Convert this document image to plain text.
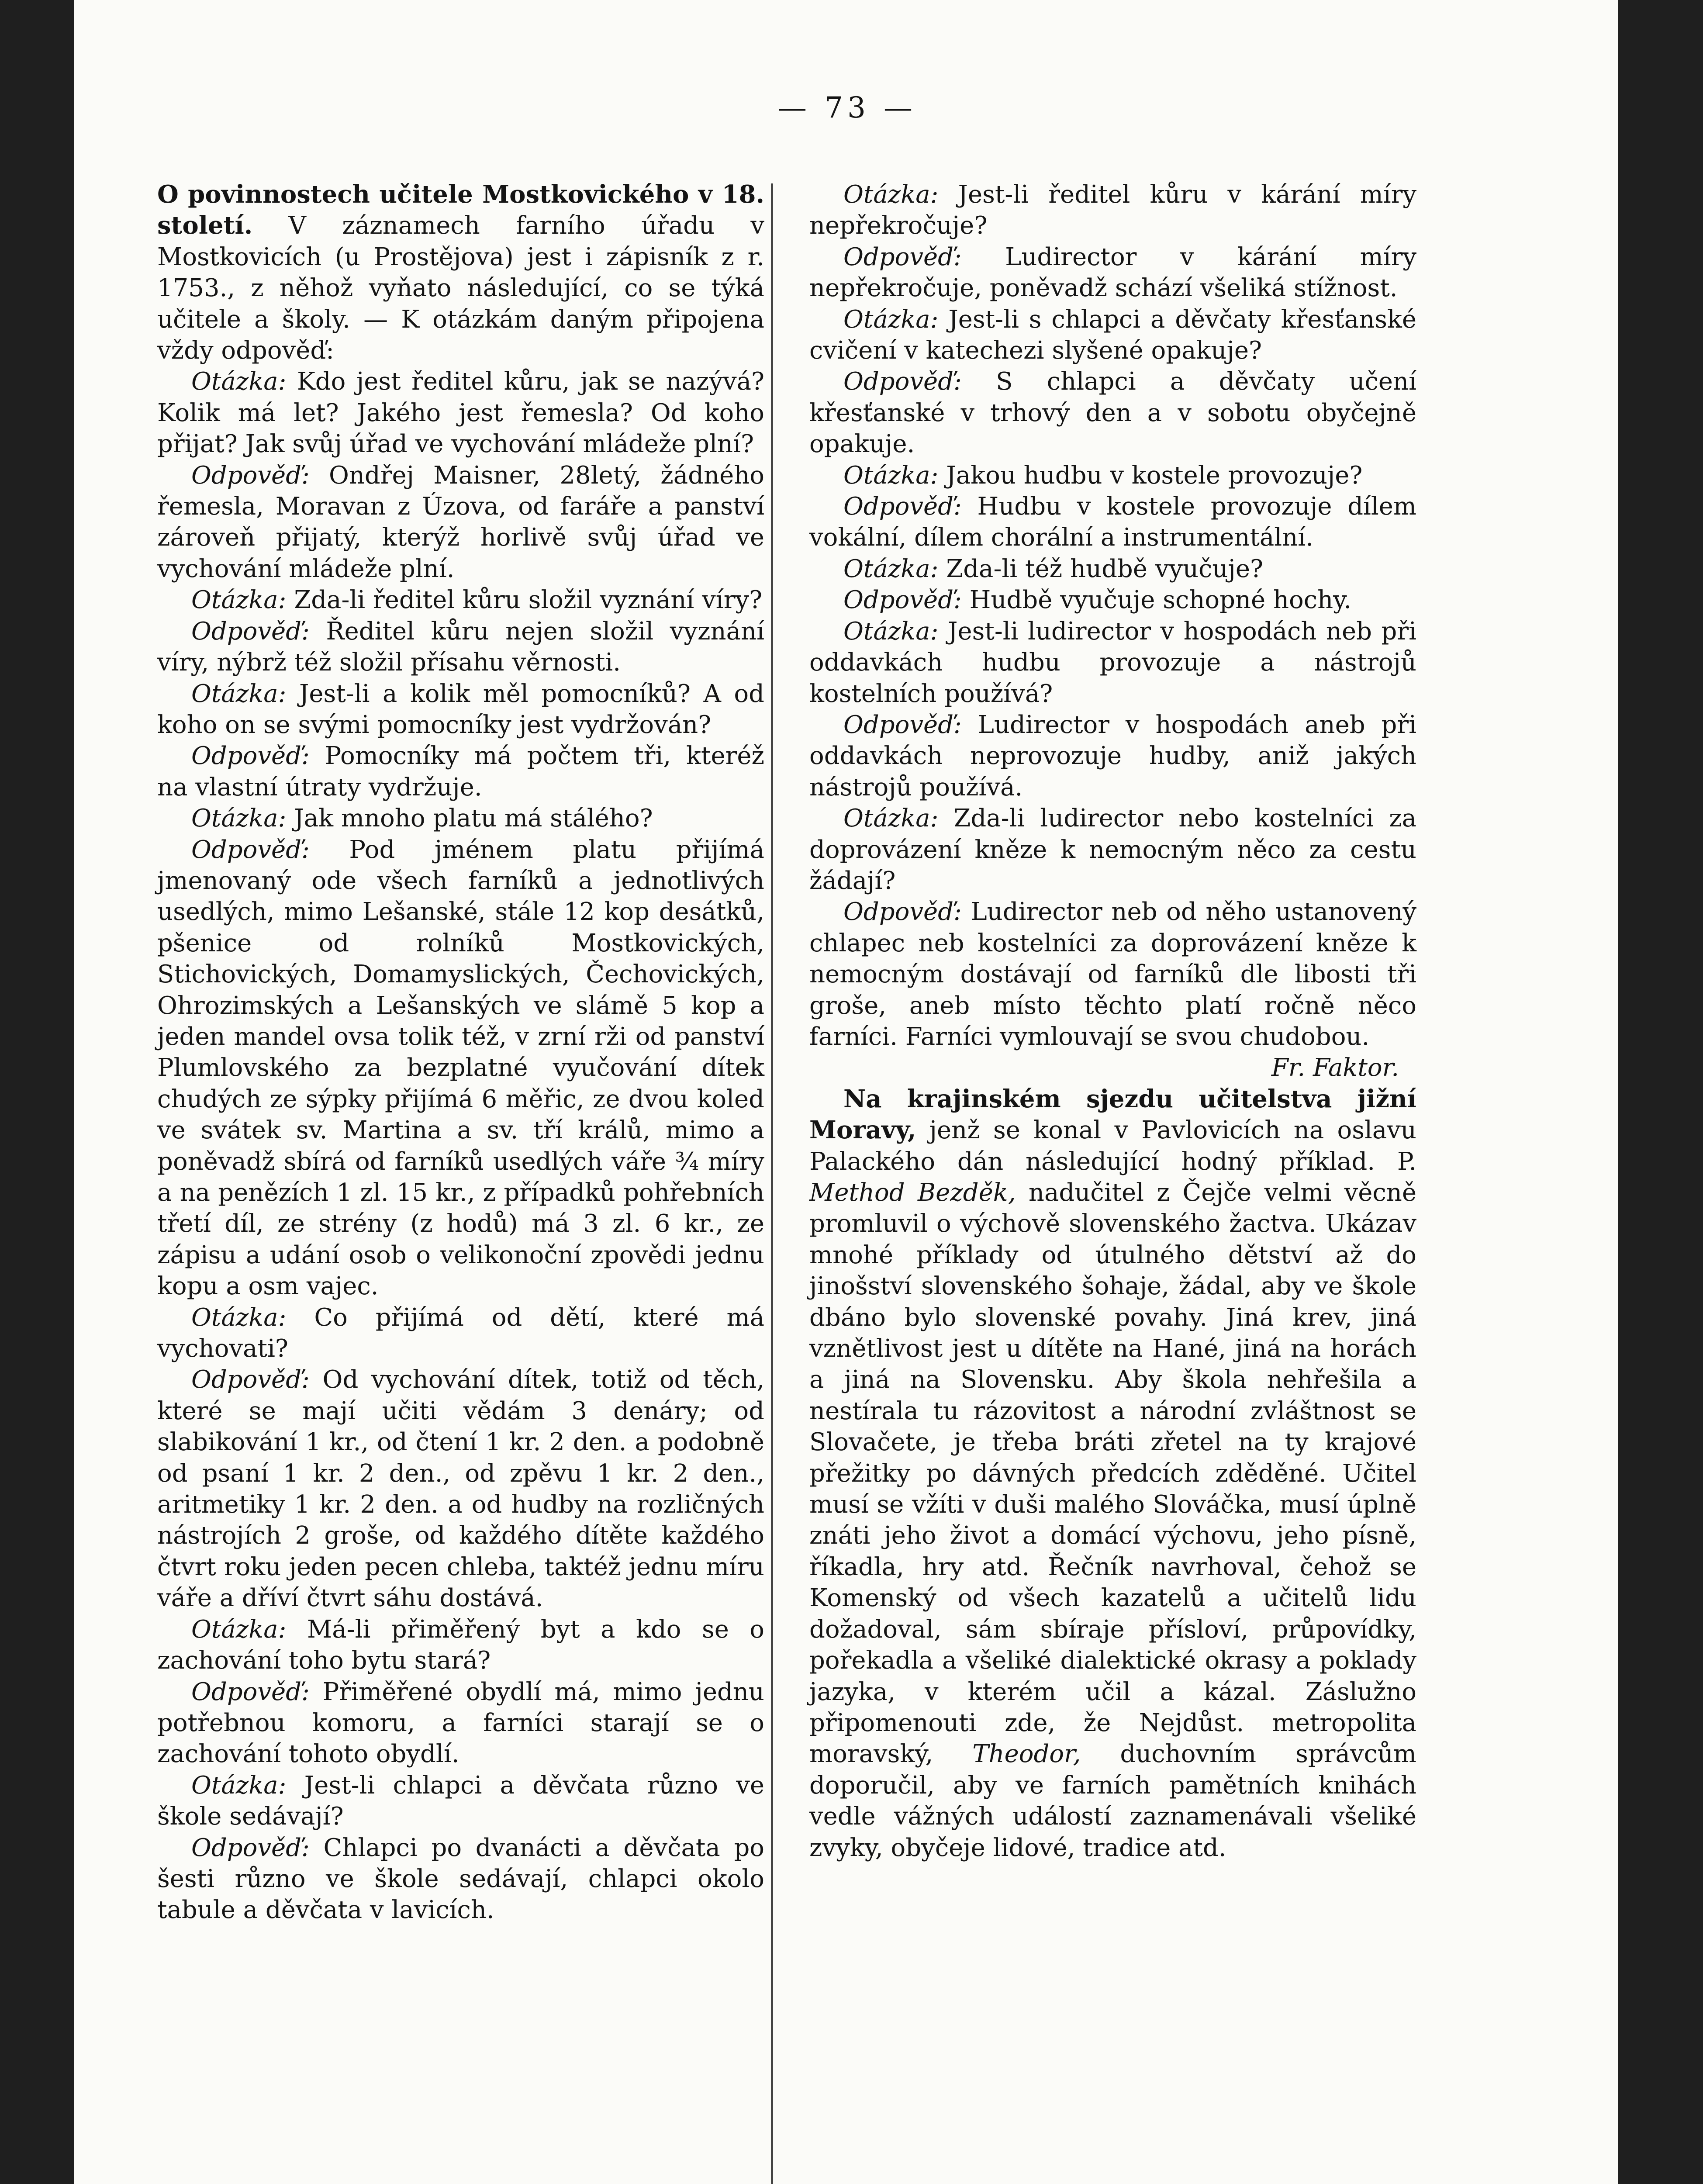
— 73 —

O povinnostech učitele Mostkovického v 18. století. V záznamech farního úřadu v Mostkovicích (u Prostějova) jest i zápisník z r. 1753., z něhož vyňato následující, co se týká učitele a školy. — K otázkám daným připojena vždy odpověď:

Otázka: Kdo jest ředitel kůru, jak se nazývá? Kolik má let? Jakého jest řemesla? Od koho přijat? Jak svůj úřad ve vychování mládeže plní?

Odpověď: Ondřej Maisner, 28letý, žádného řemesla, Moravan z Úzova, od faráře a panství zároveň přijatý, kterýž horlivě svůj úřad ve vychování mládeže plní.

Otázka: Zda-li ředitel kůru složil vyznání víry?

Odpověď: Ředitel kůru nejen složil vyznání víry, nýbrž též složil přísahu věrnosti.

Otázka: Jest-li a kolik měl pomocníků? A od koho on se svými pomocníky jest vydržován?

Odpověď: Pomocníky má počtem tři, kteréž na vlastní útraty vydržuje.

Otázka: Jak mnoho platu má stálého?

Odpověď: Pod jménem platu přijímá jmenovaný ode všech farníků a jednotlivých usedlých, mimo Lešanské, stále 12 kop desátků, pšenice od rolníků Mostkovických, Stichovických, Domamyslických, Čechovických, Ohrozimských a Lešanských ve slámě 5 kop a jeden mandel ovsa tolik též, v zrní rži od panství Plumlovského za bezplatné vyučování dítek chudých ze sýpky přijímá 6 měřic, ze dvou koled ve svátek sv. Martina a sv. tří králů, mimo a poněvadž sbírá od farníků usedlých váře ¾ míry a na penězích 1 zl. 15 kr., z případků pohřebních třetí díl, ze strény (z hodů) má 3 zl. 6 kr., ze zápisu a udání osob o velikonoční zpovědi jednu kopu a osm vajec.

Otázka: Co přijímá od dětí, které má vychovati?

Odpověď: Od vychování dítek, totiž od těch, které se mají učiti vědám 3 denáry; od slabikování 1 kr., od čtení 1 kr. 2 den. a podobně od psaní 1 kr. 2 den., od zpěvu 1 kr. 2 den., aritmetiky 1 kr. 2 den. a od hudby na rozličných nástrojích 2 groše, od každého dítěte každého čtvrt roku jeden pecen chleba, taktéž jednu míru váře a dříví čtvrt sáhu dostává.

Otázka: Má-li přiměřený byt a kdo se o zachování toho bytu stará?

Odpověď: Přiměřené obydlí má, mimo jednu potřebnou komoru, a farníci starají se o zachování tohoto obydlí.

Otázka: Jest-li chlapci a děvčata různo ve škole sedávají?

Odpověď: Chlapci po dvanácti a děvčata po šesti různo ve škole sedávají, chlapci okolo tabule a děvčata v lavicích.

Otázka: Jest-li ředitel kůru v kárání míry nepřekročuje?

Odpověď: Ludirector v kárání míry nepřekročuje, poněvadž schází všeliká stížnost.

Otázka: Jest-li s chlapci a děvčaty křesťanské cvičení v katechezi slyšené opakuje?

Odpověď: S chlapci a děvčaty učení křesťanské v trhový den a v sobotu obyčejně opakuje.

Otázka: Jakou hudbu v kostele provozuje?

Odpověď: Hudbu v kostele provozuje dílem vokální, dílem chorální a instrumentální.

Otázka: Zda-li též hudbě vyučuje?

Odpověď: Hudbě vyučuje schopné hochy.

Otázka: Jest-li ludirector v hospodách neb při oddavkách hudbu provozuje a nástrojů kostelních používá?

Odpověď: Ludirector v hospodách aneb při oddavkách neprovozuje hudby, aniž jakých nástrojů používá.

Otázka: Zda-li ludirector nebo kostelníci za doprovázení kněze k nemocným něco za cestu žádají?

Odpověď: Ludirector neb od něho ustanovený chlapec neb kostelníci za doprovázení kněze k nemocným dostávají od farníků dle libosti tři groše, aneb místo těchto platí ročně něco farníci. Farníci vymlouvají se svou chudobou.

Fr. Faktor.

Na krajinském sjezdu učitelstva jižní Moravy, jenž se konal v Pavlovicích na oslavu Palackého dán následující hodný příklad. P. Method Bezděk, nadučitel z Čejče velmi věcně promluvil o výchově slovenského žactva. Ukázav mnohé příklady od útulného dětství až do jinošství slovenského šohaje, žádal, aby ve škole dbáno bylo slovenské povahy. Jiná krev, jiná vznětlivost jest u dítěte na Hané, jiná na horách a jiná na Slovensku. Aby škola nehřešila a nestírala tu rázovitost a národní zvláštnost se Slovačete, je třeba bráti zřetel na ty krajové přežitky po dávných předcích zděděné. Učitel musí se vžíti v duši malého Slováčka, musí úplně znáti jeho život a domácí výchovu, jeho písně, říkadla, hry atd. Řečník navrhoval, čehož se Komenský od všech kazatelů a učitelů lidu dožadoval, sám sbíraje přísloví, průpovídky, pořekadla a všeliké dialektické okrasy a poklady jazyka, v kterém učil a kázal. Záslužno připomenouti zde, že Nejdůst. metropolita moravský, Theodor, duchovním správcům doporučil, aby ve farních pamětních knihách vedle vážných událostí zaznamenávali všeliké zvyky, obyčeje lidové, tradice atd.
